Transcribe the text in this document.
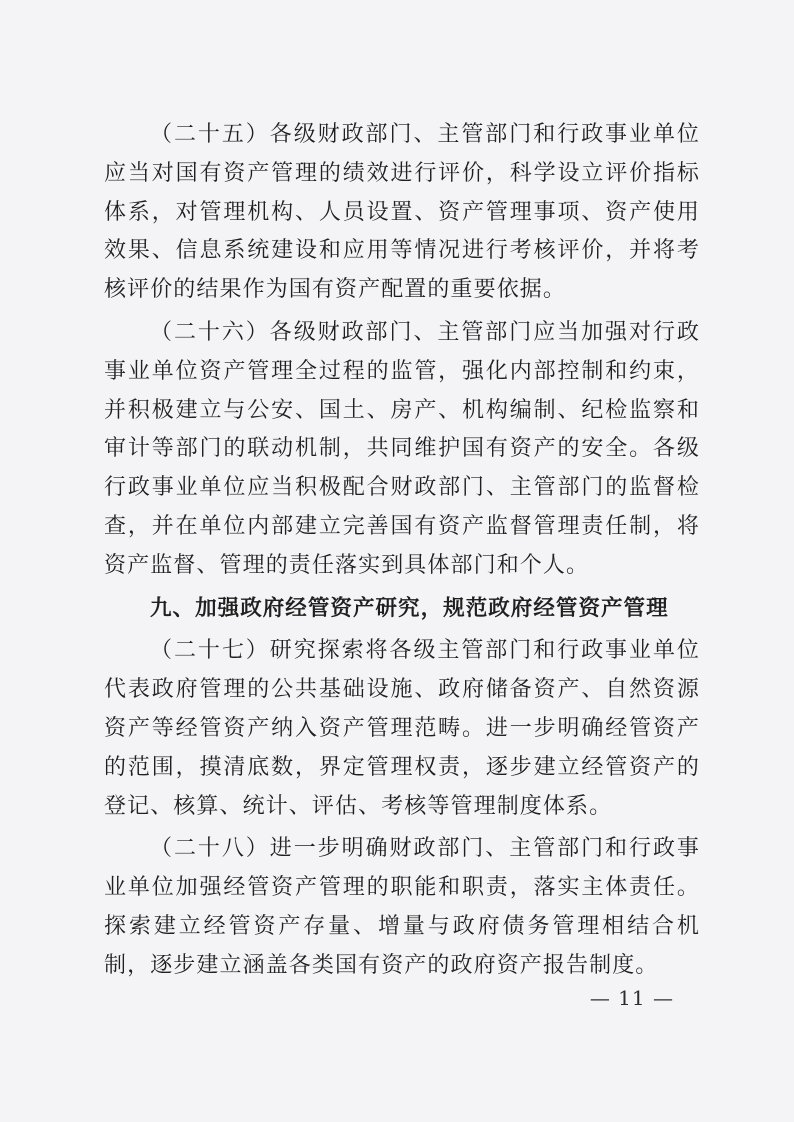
（二十五）各级财政部门、主管部门和行政事业单位应当对国有资产管理的绩效进行评价，科学设立评价指标体系，对管理机构、人员设置、资产管理事项、资产使用效果、信息系统建设和应用等情况进行考核评价，并将考核评价的结果作为国有资产配置的重要依据。

（二十六）各级财政部门、主管部门应当加强对行政事业单位资产管理全过程的监管，强化内部控制和约束，并积极建立与公安、国土、房产、机构编制、纪检监察和审计等部门的联动机制，共同维护国有资产的安全。各级行政事业单位应当积极配合财政部门、主管部门的监督检查，并在单位内部建立完善国有资产监督管理责任制，将资产监督、管理的责任落实到具体部门和个人。

九、加强政府经管资产研究，规范政府经管资产管理

（二十七）研究探索将各级主管部门和行政事业单位代表政府管理的公共基础设施、政府储备资产、自然资源资产等经管资产纳入资产管理范畴。进一步明确经管资产的范围，摸清底数，界定管理权责，逐步建立经管资产的登记、核算、统计、评估、考核等管理制度体系。

（二十八）进一步明确财政部门、主管部门和行政事业单位加强经管资产管理的职能和职责，落实主体责任。探索建立经管资产存量、增量与政府债务管理相结合机制，逐步建立涵盖各类国有资产的政府资产报告制度。

— 11 —
